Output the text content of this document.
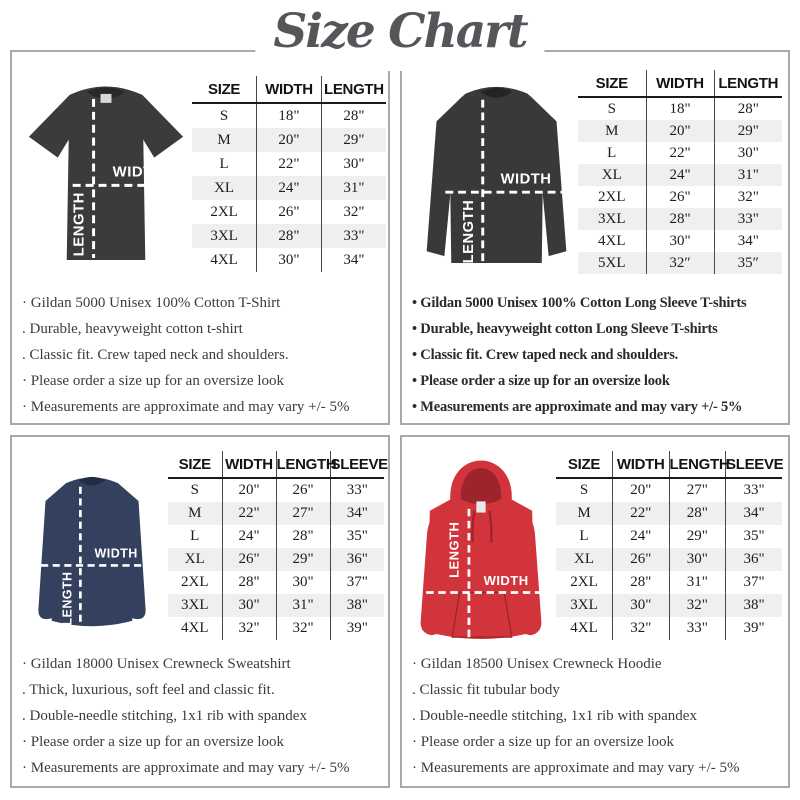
Size Chart
WIDTH
LENGTH
SIZE	WIDTH	LENGTH
S	18"	28"
M	20"	29"
L	22"	30"
XL	24"	31"
2XL	26"	32"
3XL	28"	33"
4XL	30"	34"
· Gildan 5000 Unisex 100% Cotton T-Shirt
. Durable, heavyweight cotton t-shirt
. Classic fit. Crew taped neck and shoulders.
· Please order a size up for an oversize look
· Measurements are approximate and may vary +/- 5%
WIDTH
LENGTH
SIZE	WIDTH	LENGTH
S	18"	28"
M	20"	29"
L	22"	30"
XL	24"	31"
2XL	26"	32"
3XL	28"	33"
4XL	30"	34"
5XL	32″	35″
• Gildan 5000 Unisex 100% Cotton Long Sleeve T-shirts
• Durable, heavyweight cotton Long Sleeve T-shirts
• Classic fit. Crew taped neck and shoulders.
• Please order a size up for an oversize look
• Measurements are approximate and may vary +/- 5%
WIDTH
LENGTH
SIZE	WIDTH	LENGTH	SLEEVE
S	20"	26"	33"
M	22"	27"	34"
L	24"	28"	35"
XL	26"	29"	36"
2XL	28"	30"	37"
3XL	30"	31"	38"
4XL	32"	32"	39"
· Gildan 18000 Unisex Crewneck Sweatshirt
. Thick, luxurious, soft feel and classic fit.
. Double-needle stitching, 1x1 rib with spandex
· Please order a size up for an oversize look
· Measurements are approximate and may vary +/- 5%
WIDTH
LENGTH
SIZE	WIDTH	LENGTH	SLEEVE
S	20"	27"	33"
M	22"	28"	34"
L	24"	29"	35"
XL	26"	30"	36"
2XL	28"	31"	37"
3XL	30"	32"	38"
4XL	32"	33"	39"
· Gildan 18500 Unisex Crewneck Hoodie
. Classic fit tubular body
. Double-needle stitching, 1x1 rib with spandex
· Please order a size up for an oversize look
· Measurements are approximate and may vary +/- 5%
